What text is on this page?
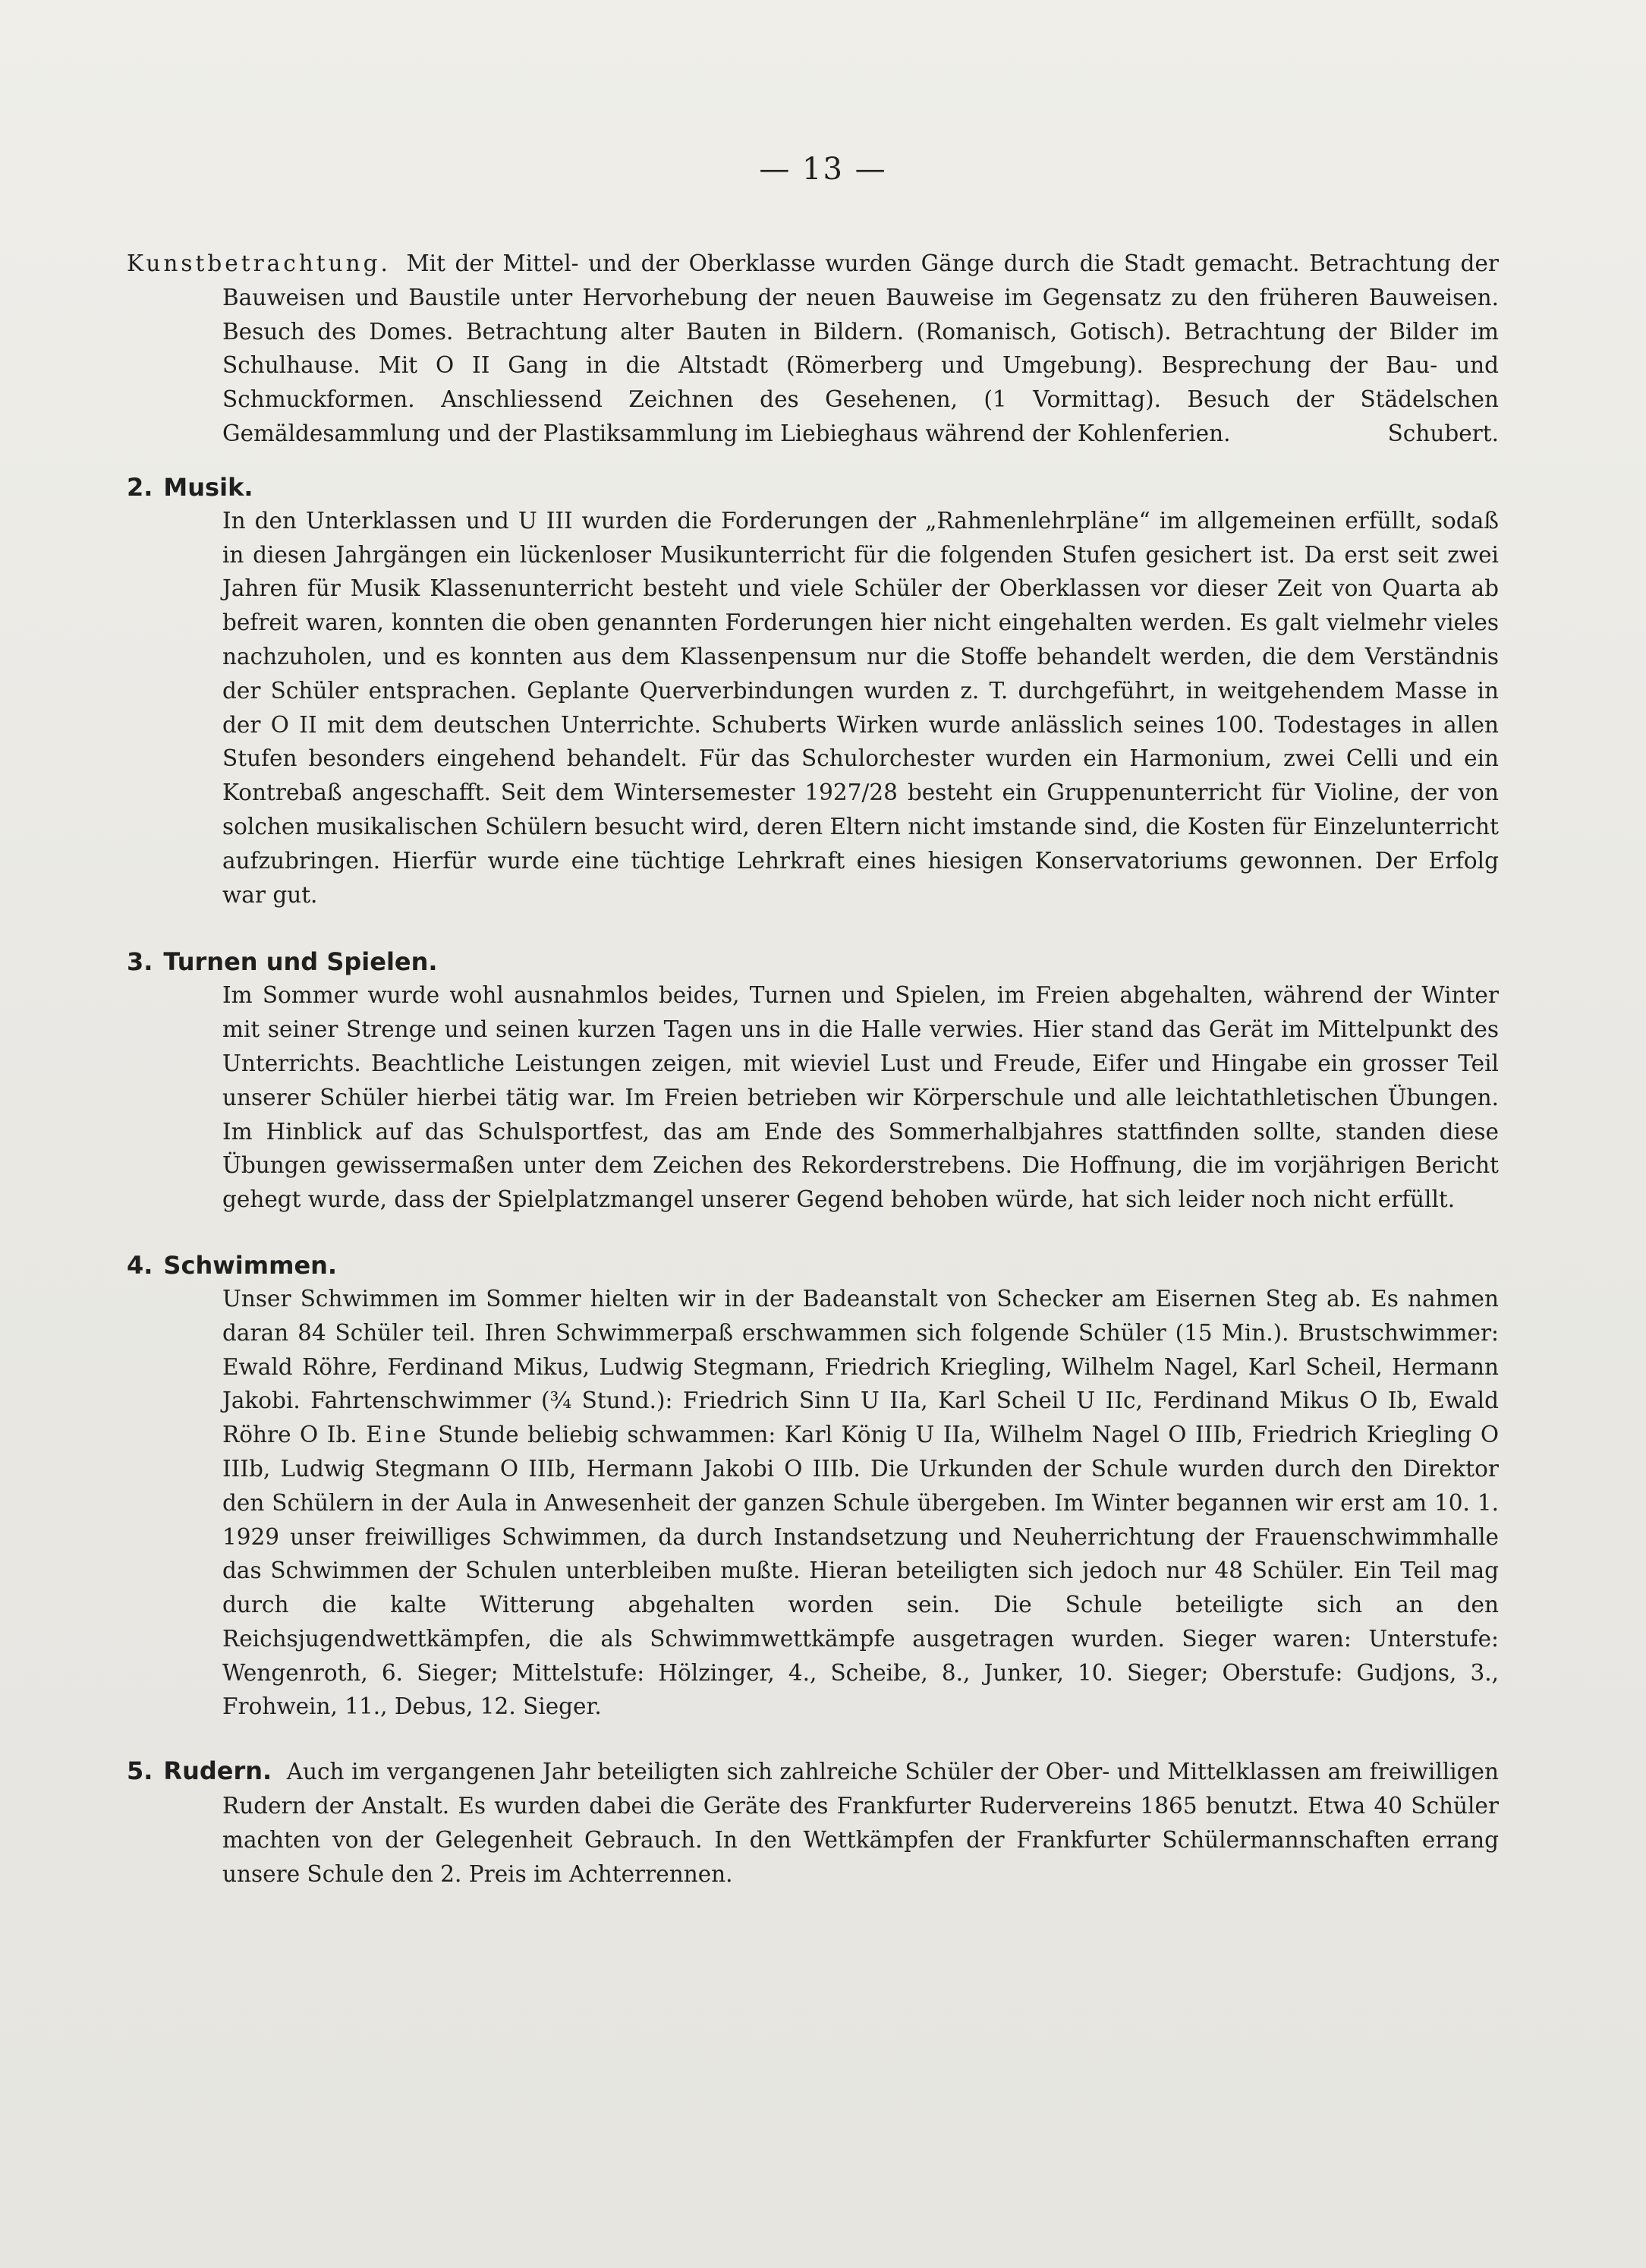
— 13 —

Kunstbetrachtung. Mit der Mittel- und der Oberklasse wurden Gänge durch die Stadt gemacht. Betrachtung der Bauweisen und Baustile unter Hervorhebung der neuen Bauweise im Gegensatz zu den früheren Bauweisen. Besuch des Domes. Betrachtung alter Bauten in Bildern. (Romanisch, Gotisch). Betrachtung der Bilder im Schulhause. Mit O II Gang in die Altstadt (Römerberg und Umgebung). Besprechung der Bau- und Schmuckformen. Anschliessend Zeichnen des Gesehenen, (1 Vormittag). Besuch der Städelschen Gemäldesammlung und der Plastiksammlung im Liebieghaus während der Kohlenferien.	Schubert.

2. Musik.

In den Unterklassen und U III wurden die Forderungen der „Rahmenlehrpläne“ im allgemeinen erfüllt, sodaß in diesen Jahrgängen ein lückenloser Musikunterricht für die folgenden Stufen gesichert ist. Da erst seit zwei Jahren für Musik Klassenunterricht besteht und viele Schüler der Oberklassen vor dieser Zeit von Quarta ab befreit waren, konnten die oben genannten Forderungen hier nicht eingehalten werden. Es galt vielmehr vieles nachzuholen, und es konnten aus dem Klassenpensum nur die Stoffe behandelt werden, die dem Verständnis der Schüler entsprachen. Geplante Querverbindungen wurden z. T. durchgeführt, in weitgehendem Masse in der O II mit dem deutschen Unterrichte. Schuberts Wirken wurde anlässlich seines 100. Todestages in allen Stufen besonders eingehend behandelt. Für das Schulorchester wurden ein Harmonium, zwei Celli und ein Kontrebaß angeschafft. Seit dem Wintersemester 1927/28 besteht ein Gruppenunterricht für Violine, der von solchen musikalischen Schülern besucht wird, deren Eltern nicht imstande sind, die Kosten für Einzelunterricht aufzubringen. Hierfür wurde eine tüchtige Lehrkraft eines hiesigen Konservatoriums gewonnen. Der Erfolg war gut.

3. Turnen und Spielen.

Im Sommer wurde wohl ausnahmlos beides, Turnen und Spielen, im Freien abgehalten, während der Winter mit seiner Strenge und seinen kurzen Tagen uns in die Halle verwies. Hier stand das Gerät im Mittelpunkt des Unterrichts. Beachtliche Leistungen zeigen, mit wieviel Lust und Freude, Eifer und Hingabe ein grosser Teil unserer Schüler hierbei tätig war. Im Freien betrieben wir Körperschule und alle leichtathletischen Übungen. Im Hinblick auf das Schulsportfest, das am Ende des Sommerhalbjahres stattfinden sollte, standen diese Übungen gewissermaßen unter dem Zeichen des Rekorderstrebens. Die Hoffnung, die im vorjährigen Bericht gehegt wurde, dass der Spielplatzmangel unserer Gegend behoben würde, hat sich leider noch nicht erfüllt.

4. Schwimmen.

Unser Schwimmen im Sommer hielten wir in der Badeanstalt von Schecker am Eisernen Steg ab. Es nahmen daran 84 Schüler teil. Ihren Schwimmerpaß erschwammen sich folgende Schüler (15 Min.). Brustschwimmer: Ewald Röhre, Ferdinand Mikus, Ludwig Stegmann, Friedrich Kriegling, Wilhelm Nagel, Karl Scheil, Hermann Jakobi. Fahrtenschwimmer (¾ Stund.): Friedrich Sinn U IIa, Karl Scheil U IIc, Ferdinand Mikus O Ib, Ewald Röhre O Ib. Eine Stunde beliebig schwammen: Karl König U IIa, Wilhelm Nagel O IIIb, Friedrich Kriegling O IIIb, Ludwig Stegmann O IIIb, Hermann Jakobi O IIIb. Die Urkunden der Schule wurden durch den Direktor den Schülern in der Aula in Anwesenheit der ganzen Schule übergeben. Im Winter begannen wir erst am 10. 1. 1929 unser freiwilliges Schwimmen, da durch Instandsetzung und Neuherrichtung der Frauenschwimmhalle das Schwimmen der Schulen unterbleiben mußte. Hieran beteiligten sich jedoch nur 48 Schüler. Ein Teil mag durch die kalte Witterung abgehalten worden sein. Die Schule beteiligte sich an den Reichsjugendwettkämpfen, die als Schwimmwettkämpfe ausgetragen wurden. Sieger waren: Unterstufe: Wengenroth, 6. Sieger; Mittelstufe: Hölzinger, 4., Scheibe, 8., Junker, 10. Sieger; Oberstufe: Gudjons, 3., Frohwein, 11., Debus, 12. Sieger.

5. Rudern. Auch im vergangenen Jahr beteiligten sich zahlreiche Schüler der Ober- und Mittelklassen am freiwilligen Rudern der Anstalt. Es wurden dabei die Geräte des Frankfurter Rudervereins 1865 benutzt. Etwa 40 Schüler machten von der Gelegenheit Gebrauch. In den Wettkämpfen der Frankfurter Schülermannschaften errang unsere Schule den 2. Preis im Achterrennen.
